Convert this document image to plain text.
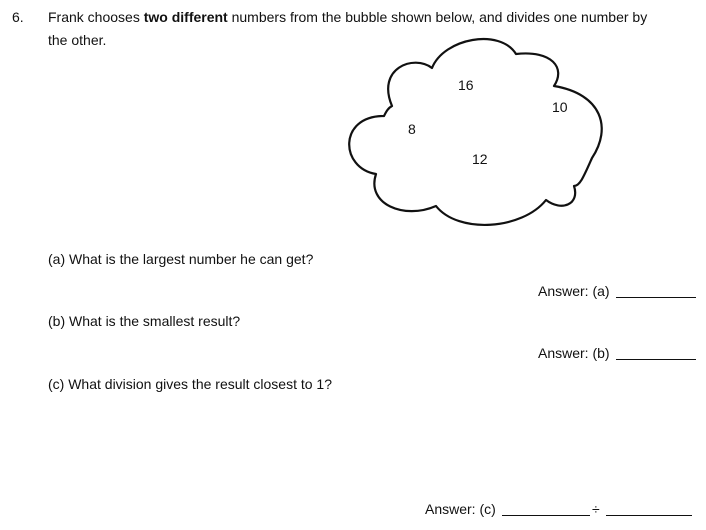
6. Frank chooses two different numbers from the bubble shown below, and divides one number by
the other.
16
10
8
12
(a) What is the largest number he can get?
Answer: (a)
(b) What is the smallest result?
Answer: (b)
(c) What division gives the result closest to 1?
Answer: (c)	÷
